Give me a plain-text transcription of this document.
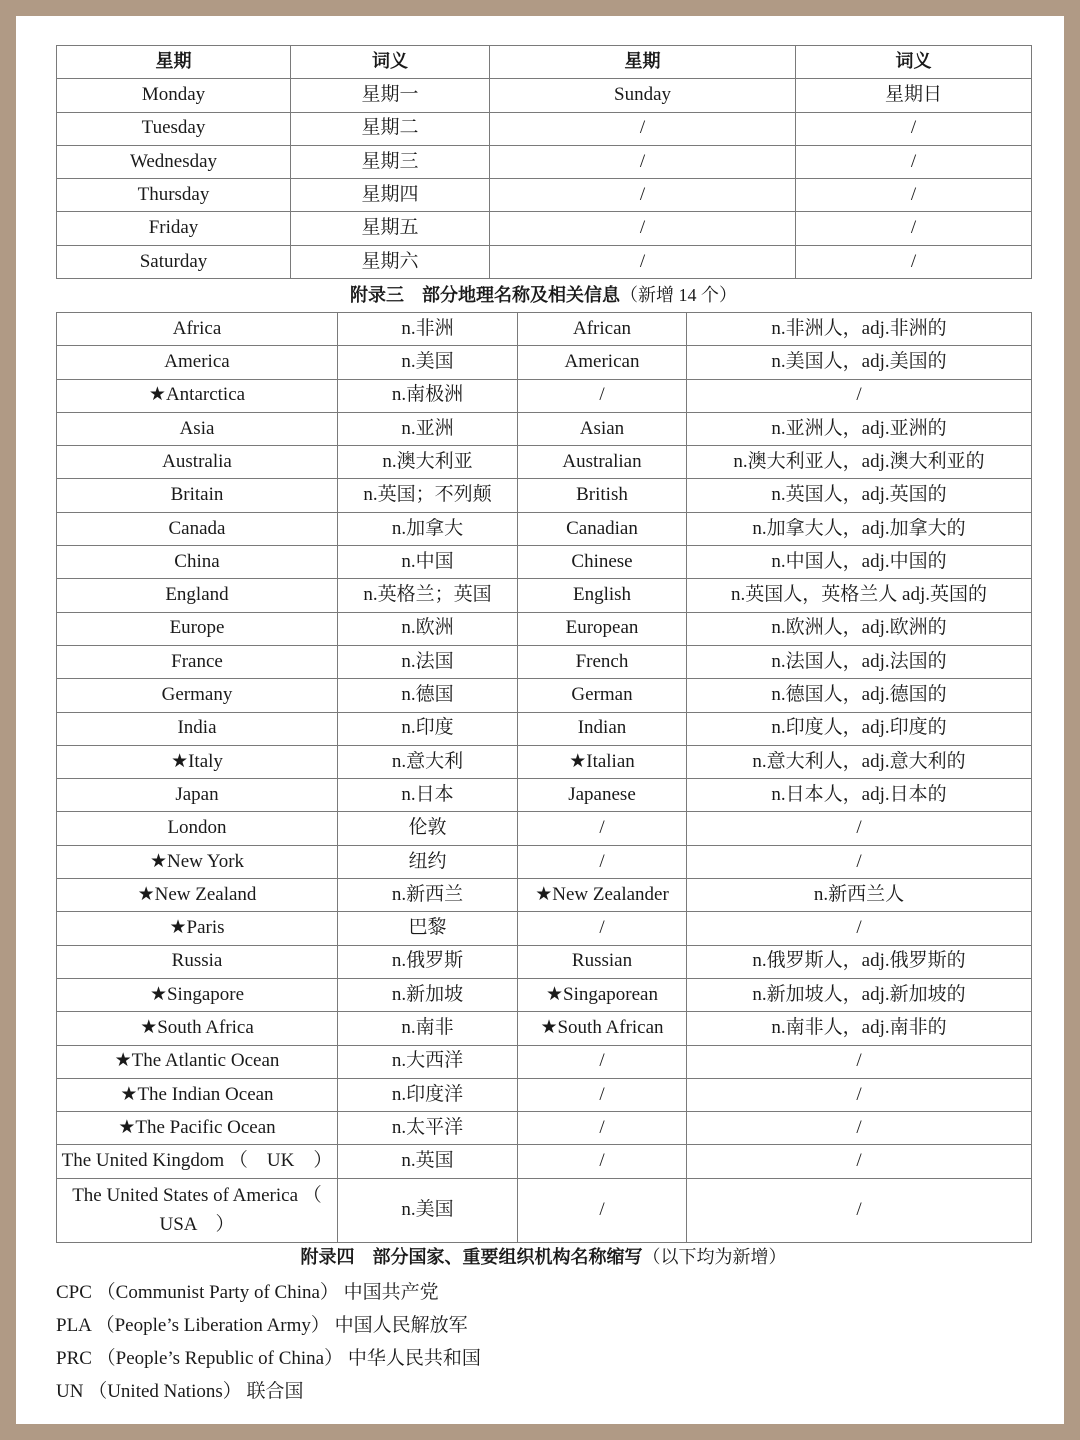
星期	词义	星期	词义
Monday	星期一	Sunday	星期日
Tuesday	星期二	/	/
Wednesday	星期三	/	/
Thursday	星期四	/	/
Friday	星期五	/	/
Saturday	星期六	/	/
附录三　部分地理名称及相关信息（新增 14 个）
Africa	n.非洲	African	n.非洲人，adj.非洲的
America	n.美国	American	n.美国人，adj.美国的
★Antarctica	n.南极洲	/	/
Asia	n.亚洲	Asian	n.亚洲人，adj.亚洲的
Australia	n.澳大利亚	Australian	n.澳大利亚人，adj.澳大利亚的
Britain	n.英国；不列颠	British	n.英国人，adj.英国的
Canada	n.加拿大	Canadian	n.加拿大人，adj.加拿大的
China	n.中国	Chinese	n.中国人，adj.中国的
England	n.英格兰；英国	English	n.英国人，英格兰人 adj.英国的
Europe	n.欧洲	European	n.欧洲人，adj.欧洲的
France	n.法国	French	n.法国人，adj.法国的
Germany	n.德国	German	n.德国人，adj.德国的
India	n.印度	Indian	n.印度人，adj.印度的
★Italy	n.意大利	★Italian	n.意大利人，adj.意大利的
Japan	n.日本	Japanese	n.日本人，adj.日本的
London	伦敦	/	/
★New York	纽约	/	/
★New Zealand	n.新西兰	★New Zealander	n.新西兰人
★Paris	巴黎	/	/
Russia	n.俄罗斯	Russian	n.俄罗斯人，adj.俄罗斯的
★Singapore	n.新加坡	★Singaporean	n.新加坡人，adj.新加坡的
★South Africa	n.南非	★South African	n.南非人，adj.南非的
★The Atlantic Ocean	n.大西洋	/	/
★The Indian Ocean	n.印度洋	/	/
★The Pacific Ocean	n.太平洋	/	/
The United Kingdom （　UK　）	n.英国	/	/
The United States of America （　USA　）	n.美国	/	/
附录四　部分国家、重要组织机构名称缩写（以下均为新增）
CPC （Communist Party of China） 中国共产党
PLA （People’s Liberation Army） 中国人民解放军
PRC （People’s Republic of China） 中华人民共和国
UN （United Nations） 联合国
